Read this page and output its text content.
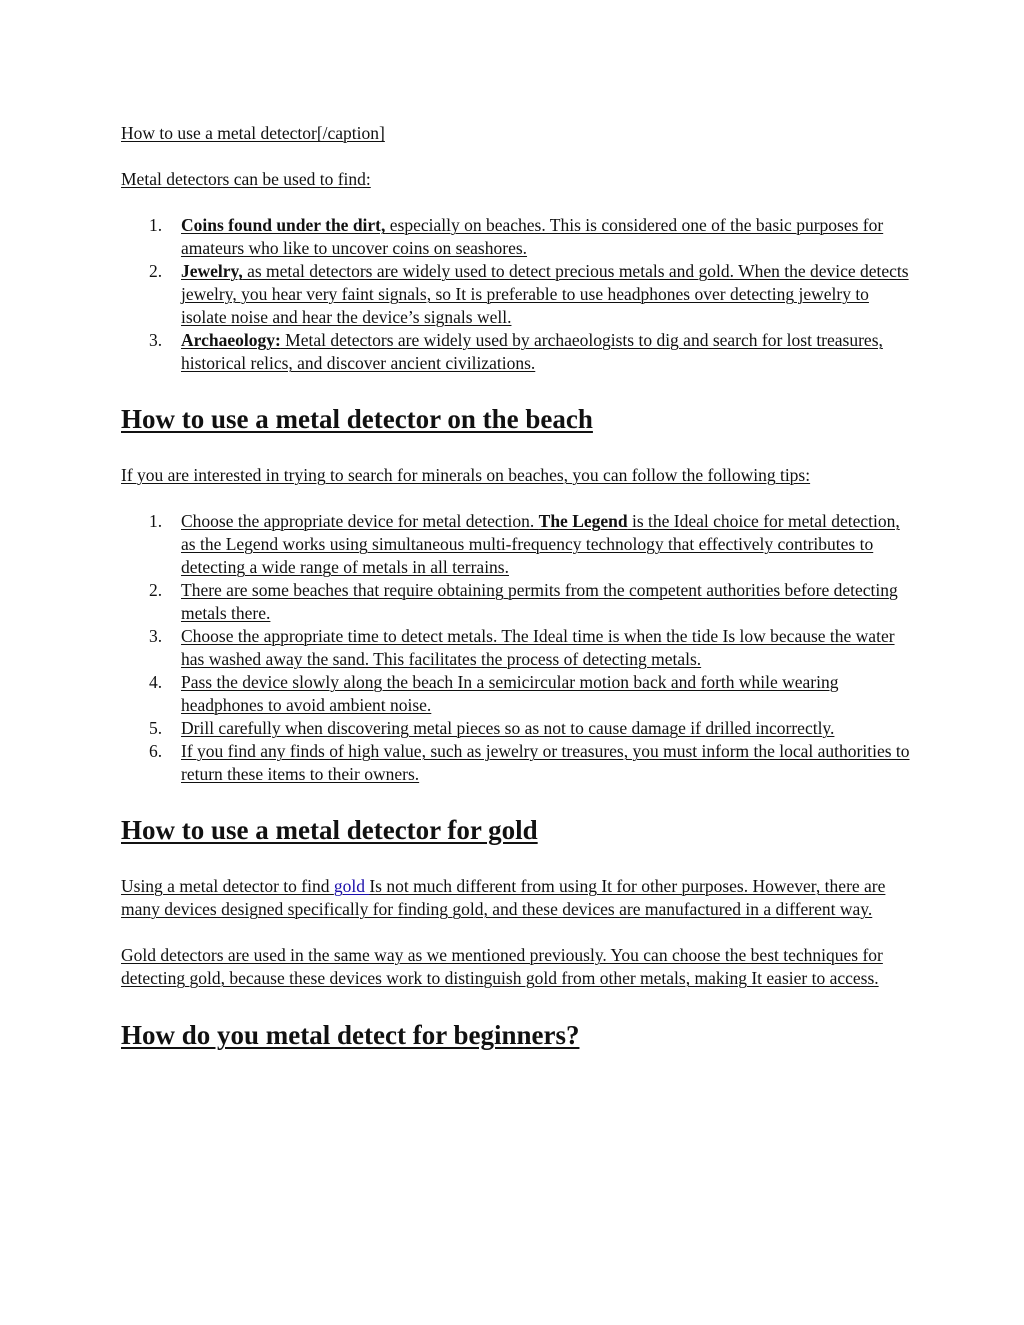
How to use a metal detector[/caption]

Metal detectors can be used to find:

1.	Coins found under the dirt, especially on beaches. This is considered one of the basic purposes for amateurs who like to uncover coins on seashores.
2.	Jewelry, as metal detectors are widely used to detect precious metals and gold. When the device detects jewelry, you hear very faint signals, so It is preferable to use headphones over detecting jewelry to isolate noise and hear the device’s signals well.
3.	Archaeology: Metal detectors are widely used by archaeologists to dig and search for lost treasures, historical relics, and discover ancient civilizations.
How to use a metal detector on the beach

If you are interested in trying to search for minerals on beaches, you can follow the following tips:

1.	Choose the appropriate device for metal detection. The Legend is the Ideal choice for metal detection, as the Legend works using simultaneous multi-frequency technology that effectively contributes to detecting a wide range of metals in all terrains.
2.	There are some beaches that require obtaining permits from the competent authorities before detecting metals there.
3.	Choose the appropriate time to detect metals. The Ideal time is when the tide Is low because the water has washed away the sand. This facilitates the process of detecting metals.
4.	Pass the device slowly along the beach In a semicircular motion back and forth while wearing headphones to avoid ambient noise.
5.	Drill carefully when discovering metal pieces so as not to cause damage if drilled incorrectly.
6.	If you find any finds of high value, such as jewelry or treasures, you must inform the local authorities to return these items to their owners.
How to use a metal detector for gold

Using a metal detector to find gold Is not much different from using It for other purposes. However, there are many devices designed specifically for finding gold, and these devices are manufactured in a different way.

Gold detectors are used in the same way as we mentioned previously. You can choose the best techniques for detecting gold, because these devices work to distinguish gold from other metals, making It easier to access.

How do you metal detect for beginners?
